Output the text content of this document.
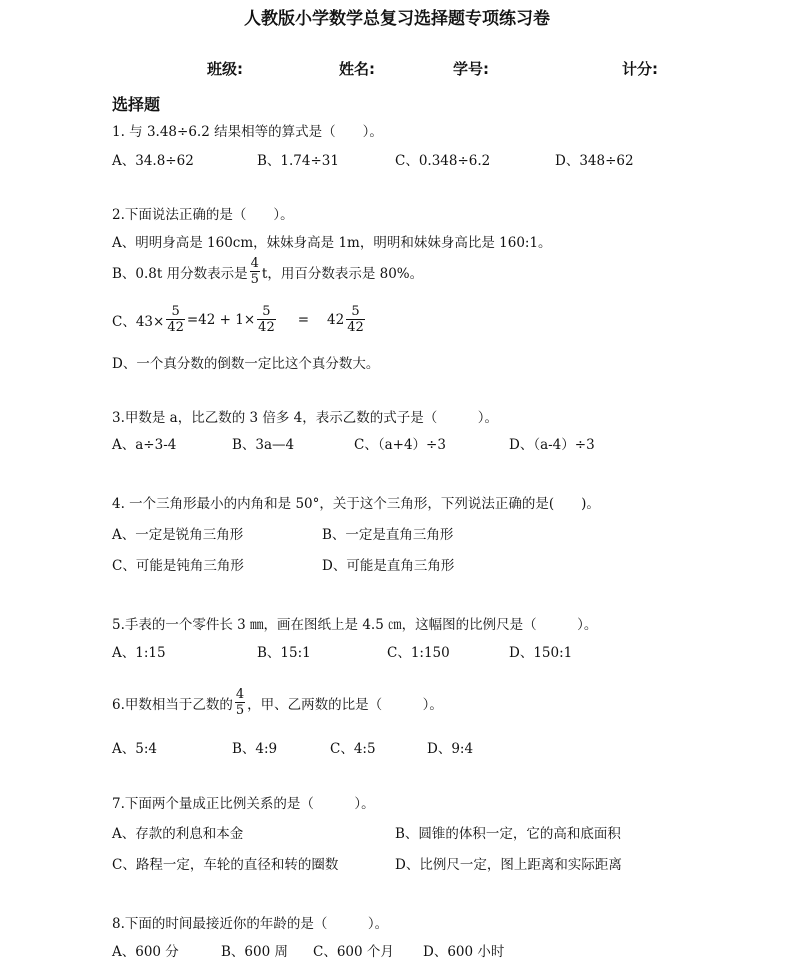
人教版小学数学总复习选择题专项练习卷
班级:	姓名:	学号:	计分:
选择题
1. 与 3.48÷6.2 结果相等的算式是（　　）。
A、34.8÷62	B、1.74÷31	C、0.348÷6.2	D、348÷62
2.下面说法正确的是（　　）。
A、明明身高是 160cm，妹妹身高是 1m，明明和妹妹身高比是 160:1。
B、0.8t 用分数表示是 $\frac{4}{5}$ t，用百分数表示是 80%。
C、$43\times \frac{5}{42} =42 + 1\times \frac{5}{42} = 42 \frac{5}{42}$
D、一个真分数的倒数一定比这个真分数大。
3.甲数是 a，比乙数的 3 倍多 4，表示乙数的式子是（　　　）。
A、a÷3-4	B、3a—4	C、（a+4）÷3	D、（a-4）÷3
4. 一个三角形最小的内角和是 50°，关于这个三角形，下列说法正确的是(　　)。
A、一定是锐角三角形	B、一定是直角三角形
C、可能是钝角三角形	D、可能是直角三角形
5.手表的一个零件长 3 ㎜，画在图纸上是 4.5 ㎝，这幅图的比例尺是（　　　）。
A、1:15	B、15:1	C、1:150	D、150:1
6.甲数相当于乙数的 $\frac{4}{5}$ ，甲、乙两数的比是（　　　）。
A、5:4	B、4:9	C、4:5	D、9:4
7.下面两个量成正比例关系的是（　　　）。
A、存款的利息和本金	B、圆锥的体积一定，它的高和底面积
C、路程一定，车轮的直径和转的圈数	D、比例尺一定，图上距离和实际距离
8.下面的时间最接近你的年龄的是（　　　）。
A、600 分	B、600 周 C、600 个月 D、600 小时
